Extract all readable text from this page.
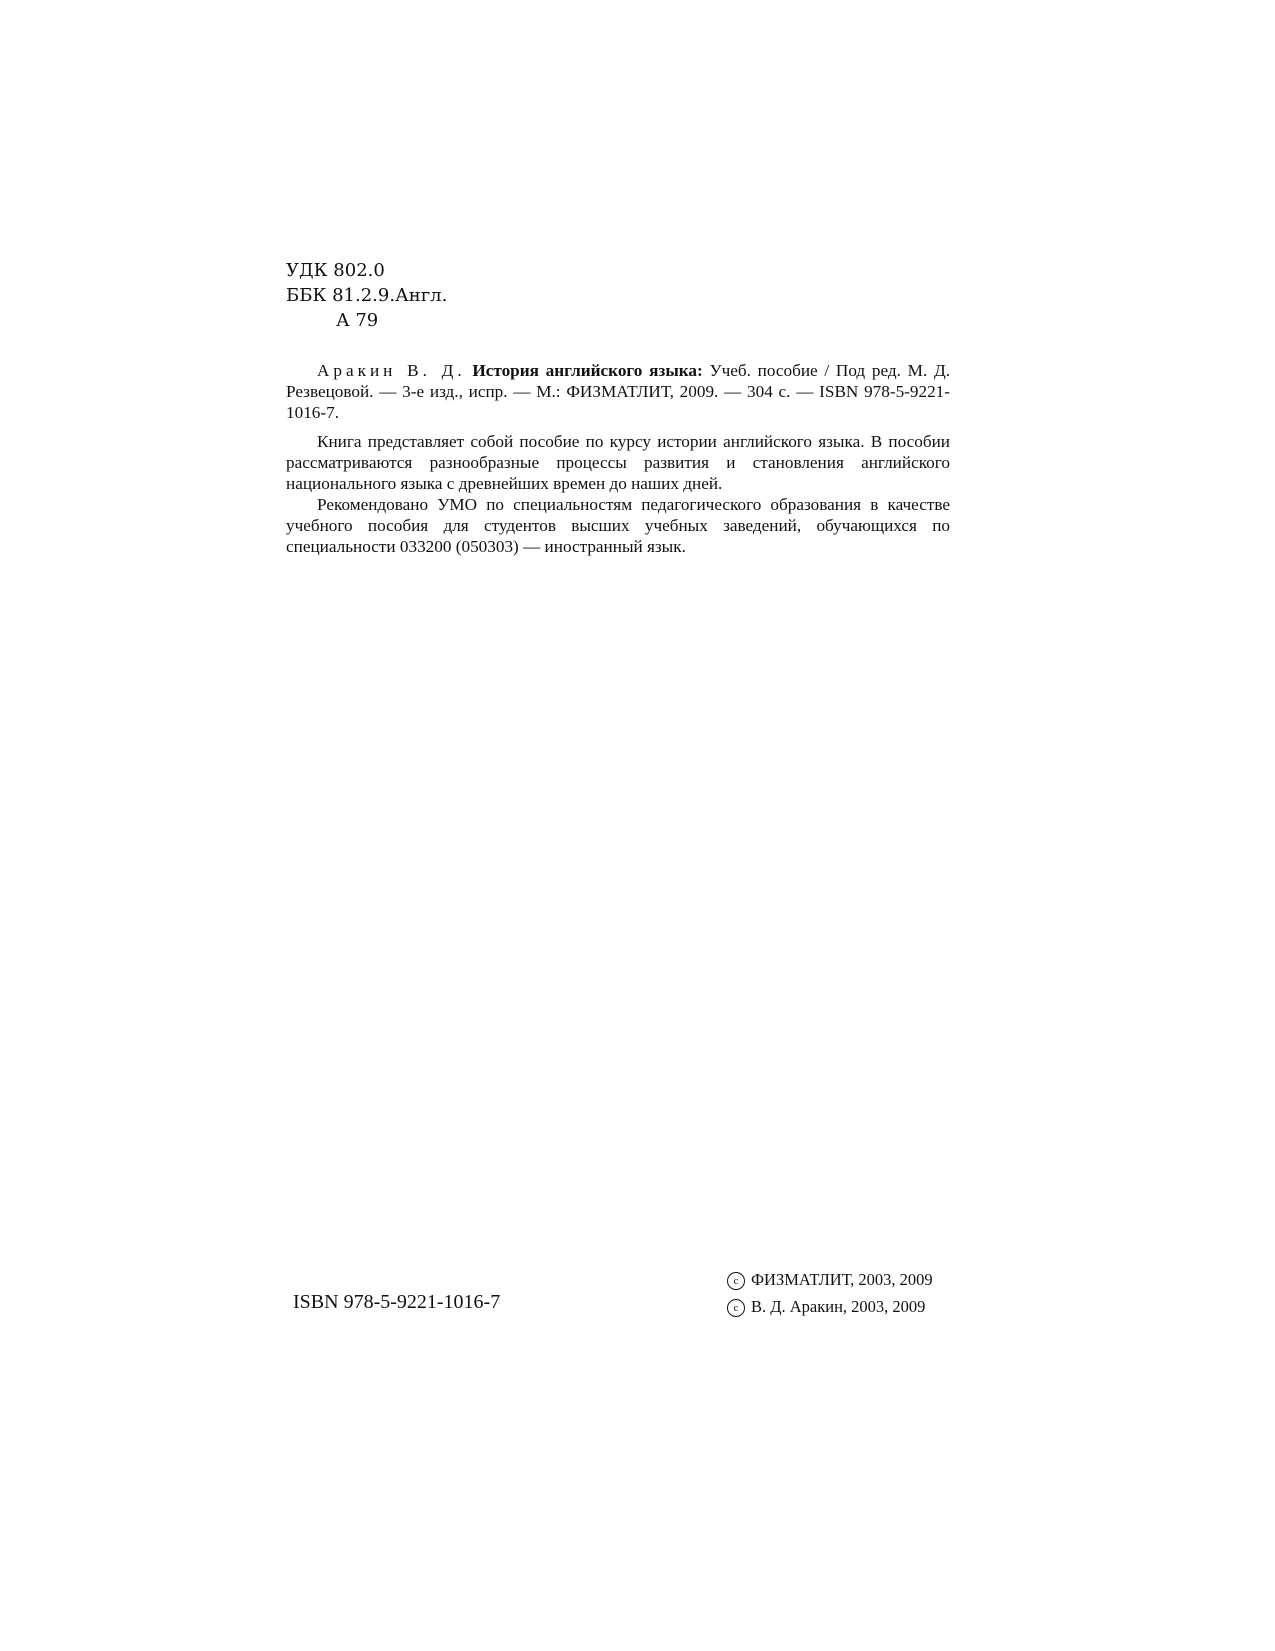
УДК 802.0
ББК 81.2.9.Англ.
А 79

Аракин В. Д. История английского языка: Учеб. пособие / Под ред. М. Д. Резвецовой. — 3-е изд., испр. — М.: ФИЗМАТЛИТ, 2009. — 304 с. — ISBN 978-5-9221-1016-7.

Книга представляет собой пособие по курсу истории английского языка. В пособии рассматриваются разнообразные процессы развития и становления английского национального языка с древнейших времен до наших дней.

Рекомендовано УМО по специальностям педагогического образования в качестве учебного пособия для студентов высших учебных заведений, обучающихся по специальности 033200 (050303) — иностранный язык.

ISBN 978-5-9221-1016-7
c ФИЗМАТЛИТ, 2003, 2009
c В. Д. Аракин, 2003, 2009
